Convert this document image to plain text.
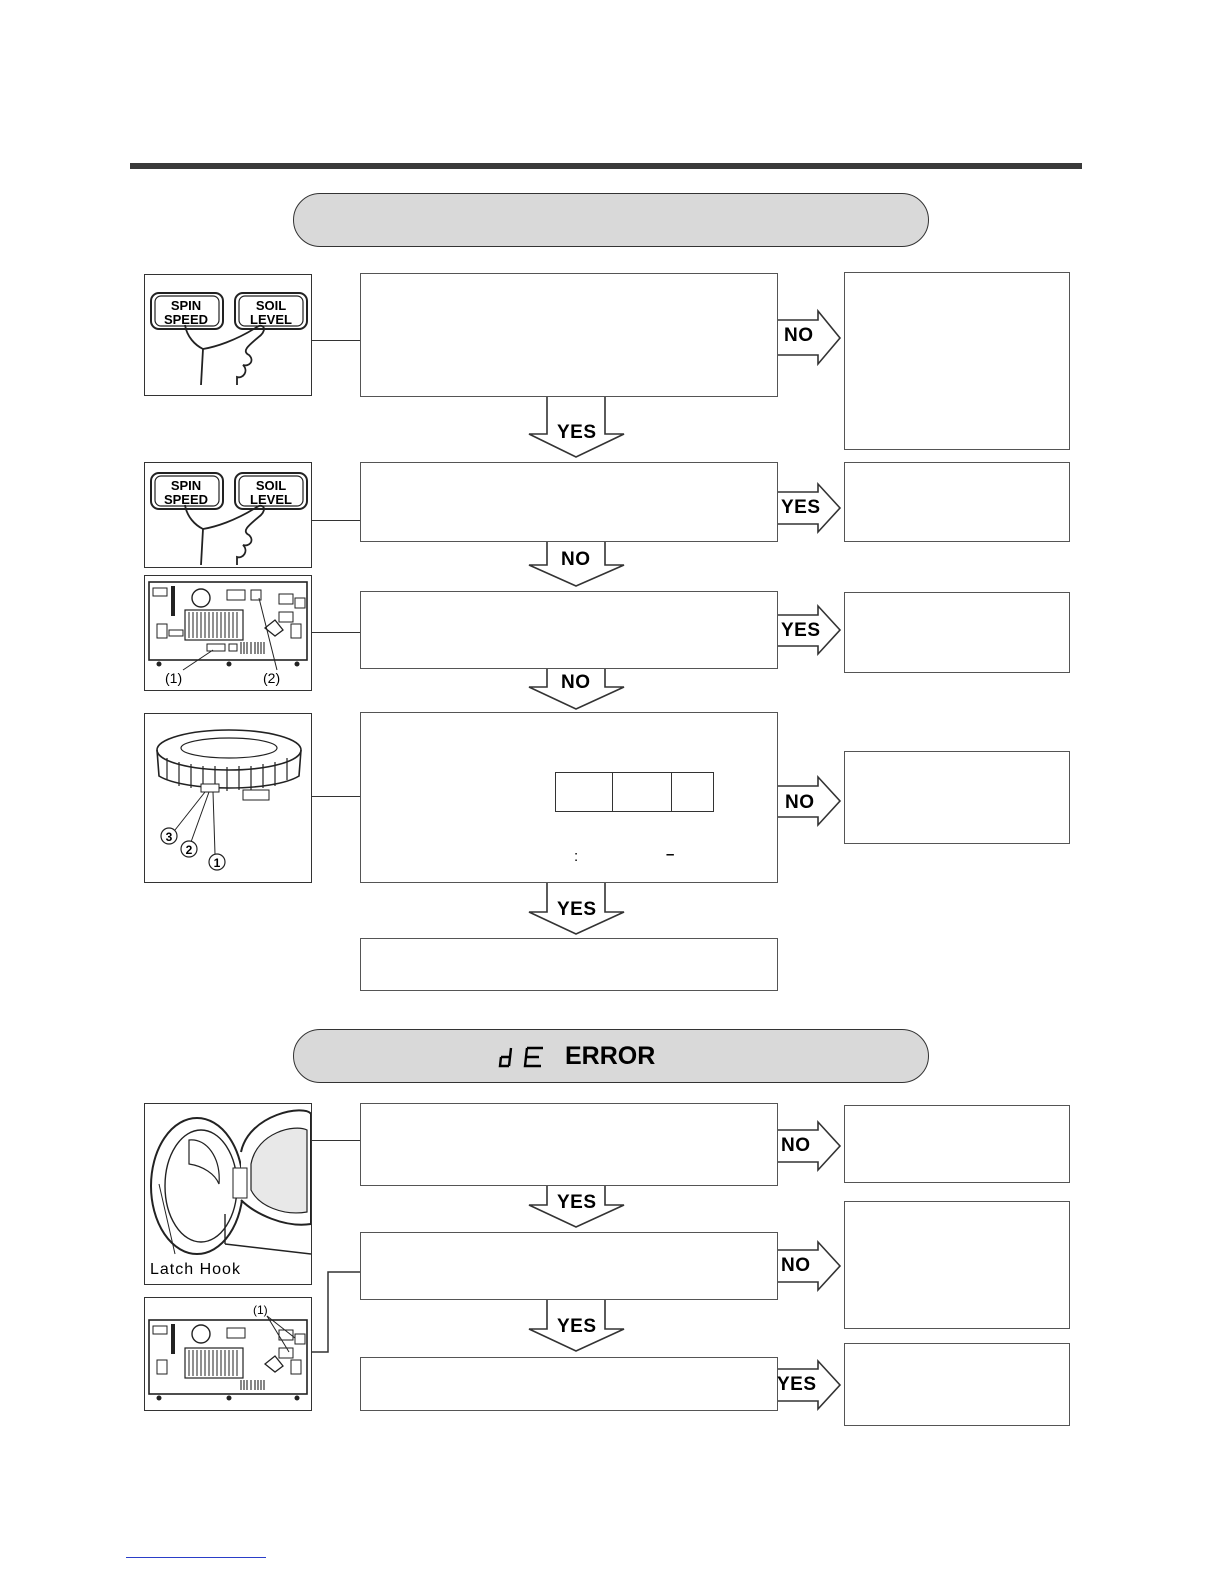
SPIN
SPEED
SOIL
LEVEL
SPIN
SPEED
SOIL
LEVEL
(1)	(2)
3
2
1	:	–
ERROR
Latch Hook
(1)
NO
YES
YES
NO
YES
NO
NO
YES
NO
YES
NO
YES
YES
